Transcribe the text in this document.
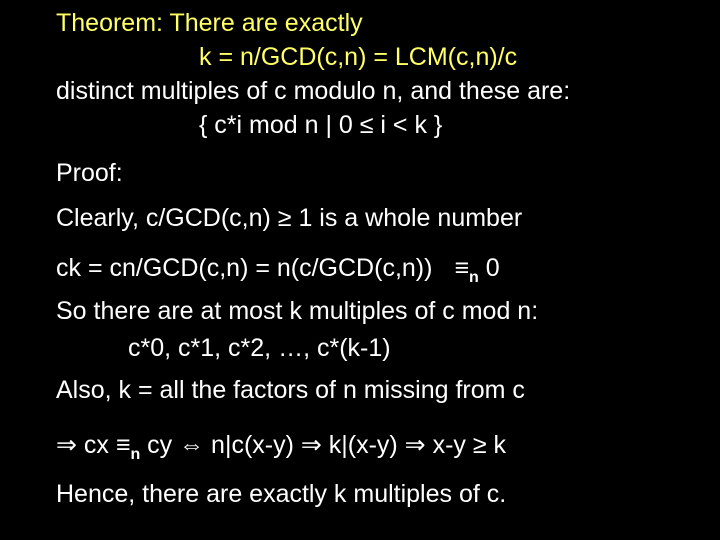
Theorem: There are exactly
k = n/GCD(c,n) = LCM(c,n)/c
distinct multiples of c modulo n, and these are:
{ c*i mod n | 0 ≤ i < k }
Proof:
Clearly, c/GCD(c,n) ≥ 1 is a whole number
ck = $cn/GCD(c,n) = n(c/GCD(c,n)) \equiv_n$ 0
So there are at most k multiples of c mod n:
c*0, c*1, c*2, …, c*(k-1)
Also, k = all the factors of n missing from c
⇒ cx $\equiv_n$ cy ⇔ n|c(x-y) ⇒ k|(x-y) ⇒ x-y ≥ k
Hence, there are exactly k multiples of c.
